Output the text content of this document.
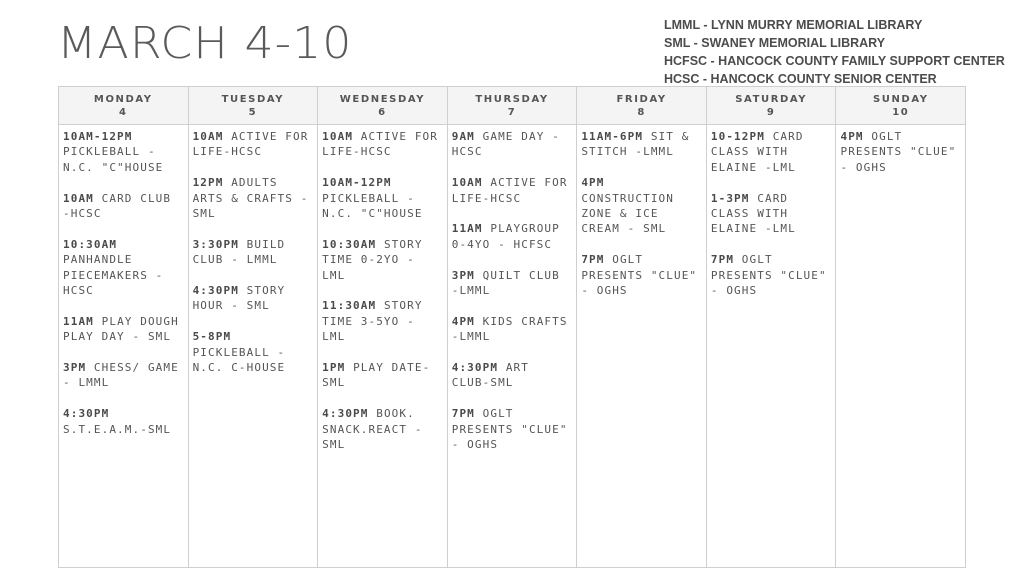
MARCH 4-10	LMML - LYNN MURRY MEMORIAL LIBRARY
SML - SWANEY MEMORIAL LIBRARY
HCFSC - HANCOCK COUNTY FAMILY SUPPORT CENTER
HCSC - HANCOCK COUNTY SENIOR CENTER
MONDAY
4
10AM-12PM PICKLEBALL - N.C. "C"HOUSE
10AM CARD CLUB -HCSC
10:30AM PANHANDLE PIECEMAKERS - HCSC
11AM PLAY DOUGH PLAY DAY - SML
3PM CHESS/ GAME - LMML
4:30PM S.T.E.A.M.-SML
TUESDAY
5
10AM ACTIVE FOR LIFE-HCSC
12PM ADULTS ARTS & CRAFTS -SML
3:30PM BUILD CLUB - LMML
4:30PM STORY HOUR - SML
5-8PM PICKLEBALL - N.C. C-HOUSE
WEDNESDAY
6
10AM ACTIVE FOR LIFE-HCSC
10AM-12PM PICKLEBALL - N.C. "C"HOUSE
10:30AM STORY TIME 0-2YO - LML
11:30AM STORY TIME 3-5YO - LML
1PM PLAY DATE- SML
4:30PM BOOK. SNACK.REACT - SML
THURSDAY
7
9AM GAME DAY - HCSC
10AM ACTIVE FOR LIFE-HCSC
11AM PLAYGROUP 0-4YO - HCFSC
3PM QUILT CLUB -LMML
4PM KIDS CRAFTS -LMML
4:30PM ART CLUB-SML
7PM OGLT PRESENTS "CLUE" - OGHS
FRIDAY
8
11AM-6PM SIT & STITCH -LMML
4PM CONSTRUCTION ZONE & ICE CREAM - SML
7PM OGLT PRESENTS "CLUE" - OGHS
SATURDAY
9
10-12PM CARD CLASS WITH ELAINE -LML
1-3PM CARD CLASS WITH ELAINE -LML
7PM OGLT PRESENTS "CLUE" - OGHS
SUNDAY
10
4PM OGLT PRESENTS "CLUE" - OGHS
